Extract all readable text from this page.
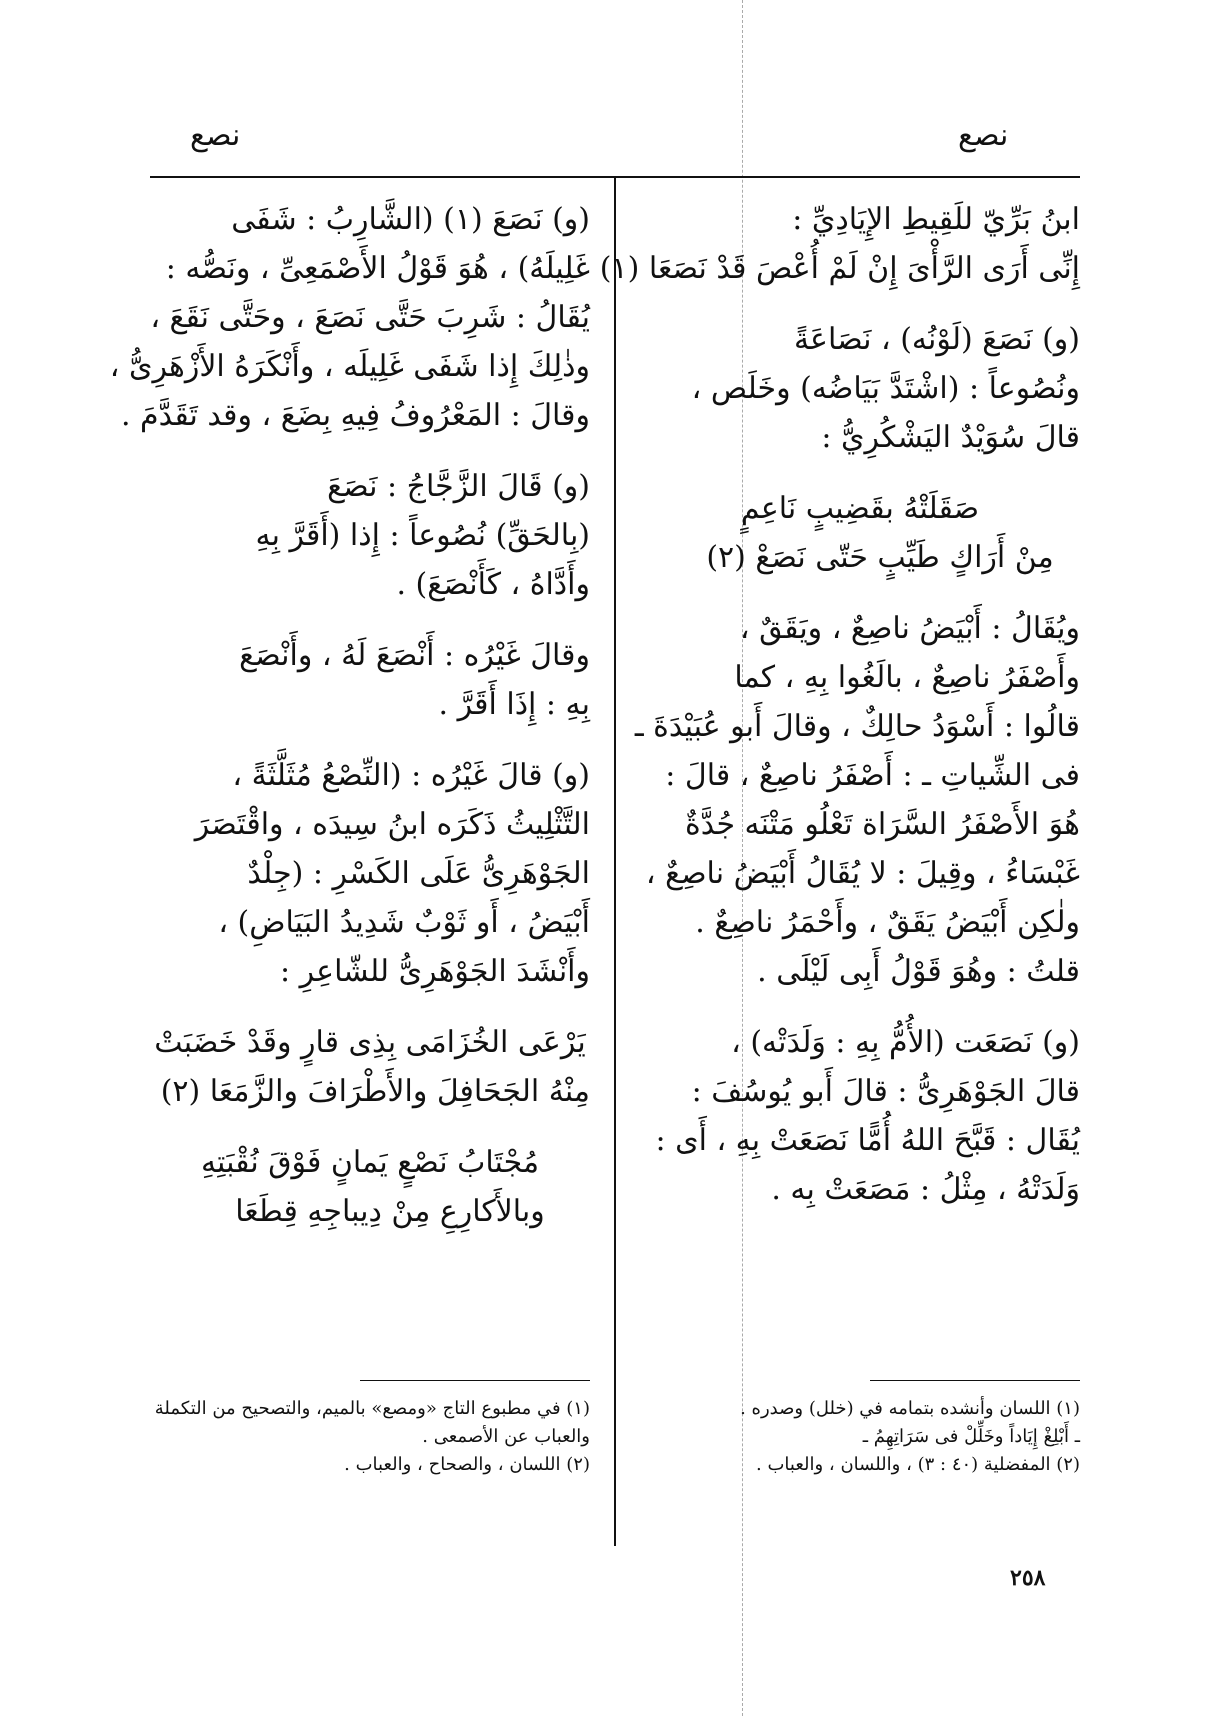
نصع
نصع
ابنُ بَرِّيّ للَقِيطِ الإِيَادِيِّ :
إِنِّى أَرَى الرَّأْىَ إِنْ لَمْ أُعْصَ قَدْ نَصَعَا (١)
(و) نَصَعَ (لَوْنُه) ، نَصَاعَةً
ونُصُوعاً : (اشْتَدَّ بَيَاضُه) وخَلَص ،
قالَ سُوَيْدٌ اليَشْكُرِيُّ :
صَقَلَتْهُ بقَضِيبٍ نَاعِمٍ
مِنْ أَرَاكٍ طَيِّبٍ حَتّى نَصَعْ (٢)
ويُقَالُ : أَبْيَضُ ناصِعٌ ، ويَقَقٌ ،
وأَصْفَرُ ناصِعٌ ، بالَغُوا بِهِ ، كما
قالُوا : أَسْوَدُ حالِكٌ ، وقالَ أَبو عُبَيْدَةَ ـ
فى الشِّياتِ ـ : أَصْفَرُ ناصِعٌ ، قالَ :
هُوَ الأَصْفَرُ السَّرَاة تَعْلُو مَتْنَه جُدَّةٌ
غَبْسَاءُ ، وقِيلَ : لا يُقَالُ أَبْيَضُ ناصِعٌ ،
ولٰكِن أَبْيَضُ يَقَقٌ ، وأَحْمَرُ ناصِعٌ .
قلتُ : وهُوَ قَوْلُ أَبِى لَيْلَى .
(و) نَصَعَت (الأُمُّ بِهِ : وَلَدَتْه) ،
قالَ الجَوْهَرِىُّ : قالَ أَبو يُوسُفَ :
يُقَال : قَبَّحَ اللهُ أُمًّا نَصَعَتْ بِهِ ، أَى :
وَلَدَتْهُ ، مِثْلُ : مَصَعَتْ بِه .
(و) نَصَعَ (١) (الشَّارِبُ : شَفَى
غَلِيلَهُ) ، هُوَ قَوْلُ الأَصْمَعِىِّ ، ونَصُّه :
يُقَالُ : شَرِبَ حَتَّى نَصَعَ ، وحَتَّى نَقَعَ ،
وذٰلِكَ إِذا شَفَى غَلِيلَه ، وأَنْكَرَهُ الأَزْهَرِىُّ ،
وقالَ : المَعْرُوفُ فِيهِ بِضَعَ ، وقد تَقَدَّمَ .
(و) قَالَ الزَّجَّاجُ : نَصَعَ
(بِالحَقِّ) نُصُوعاً : إِذا (أَقَرَّ بِهِ
وأَدَّاهُ ، كَأَنْصَعَ) .
وقالَ غَيْرُه : أَنْصَعَ لَهُ ، وأَنْصَعَ
بِهِ : إِذَا أَقَرَّ .
(و) قالَ غَيْرُه : (النِّصْعُ مُثَلَّثَةً ،
التَّثْلِيثُ ذَكَرَه ابنُ سِيدَه ، واقْتَصَرَ
الجَوْهَرِىُّ عَلَى الكَسْرِ : (جِلْدٌ
أَبْيَضُ ، أَو ثَوْبٌ شَدِيدُ البَيَاضِ) ،
وأَنْشَدَ الجَوْهَرِىُّ للشّاعِرِ :
يَرْعَى الخُزَامَى بِذِى قارٍ وقَدْ خَضَبَتْ
مِنْهُ الجَحَافِلَ والأَطْرَافَ والزَّمَعَا (٢)
مُجْتَابُ نَصْعٍ يَمانٍ فَوْقَ نُقْبَتِهِ
وبالأَكارِعِ مِنْ دِيباجِهِ قِطَعَا
(١) اللسان وأنشده بتمامه في (خلل) وصدره .
ـ أَبْلِغْ إِيَاداً وخَلِّلْ فى سَرَاتِهِمُ ـ
(٢) المفضلية (٤٠ : ٣) ، واللسان ، والعباب .
(١) في مطبوع التاج «ومصع» بالميم، والتصحيح من التكملة
والعباب عن الأصمعى .
(٢) اللسان ، والصحاح ، والعباب .
٢٥٨
